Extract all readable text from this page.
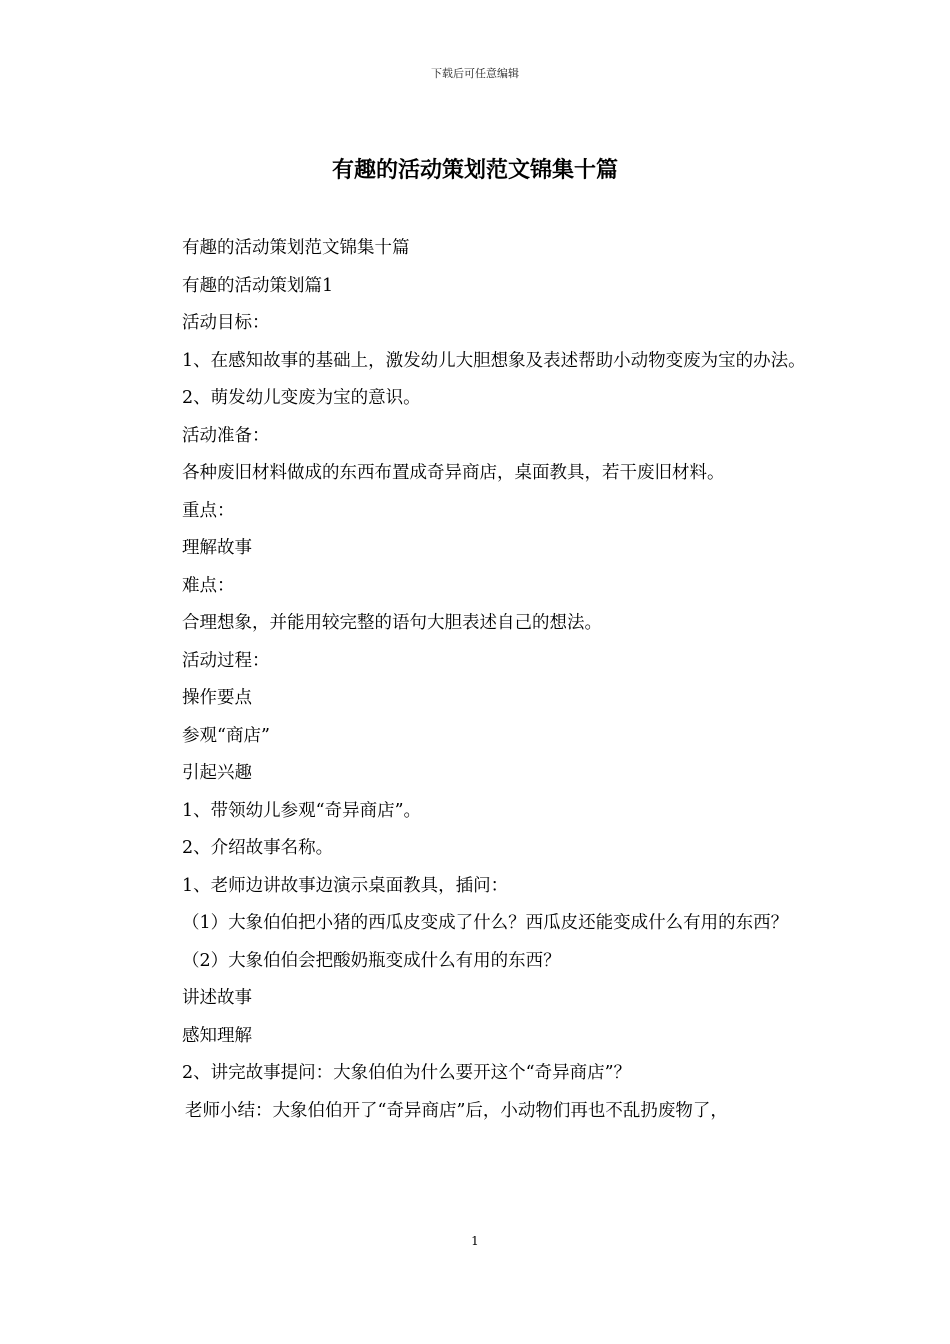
下载后可任意编辑
有趣的活动策划范文锦集十篇

有趣的活动策划范文锦集十篇

有趣的活动策划篇1

活动目标：

1、在感知故事的基础上，激发幼儿大胆想象及表述帮助小动物变废为宝的办法。

2、萌发幼儿变废为宝的意识。

活动准备：

各种废旧材料做成的东西布置成奇异商店，桌面教具，若干废旧材料。

重点：

理解故事

难点：

合理想象，并能用较完整的语句大胆表述自己的想法。

活动过程：

操作要点

参观“商店”

引起兴趣

1、带领幼儿参观“奇异商店”。

2、介绍故事名称。

1、老师边讲故事边演示桌面教具，插问：

（1）大象伯伯把小猪的西瓜皮变成了什么？西瓜皮还能变成什么有用的东西？

（2）大象伯伯会把酸奶瓶变成什么有用的东西？

讲述故事

感知理解

2、讲完故事提问：大象伯伯为什么要开这个“奇异商店”？

老师小结：大象伯伯开了“奇异商店”后，小动物们再也不乱扔废物了，

1
